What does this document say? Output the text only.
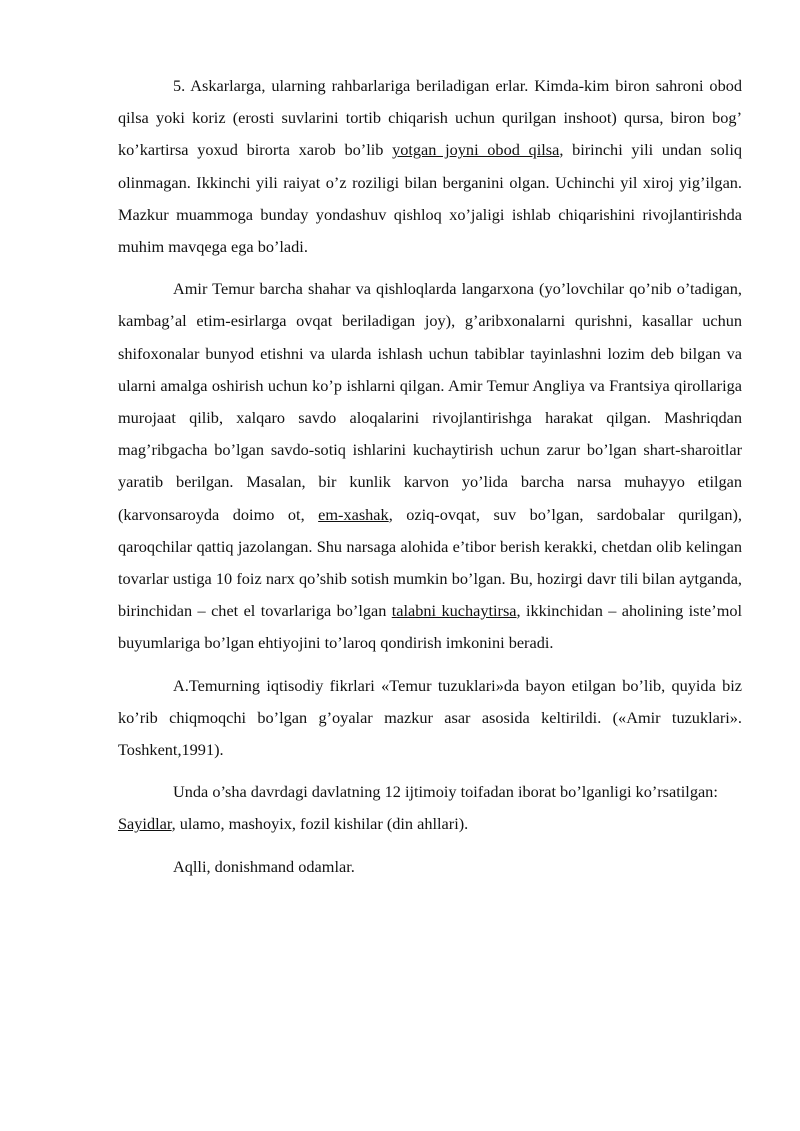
5. Askarlarga, ularning rahbarlariga beriladigan erlar. Kimda-kim biron sahroni obod qilsa yoki koriz (erosti suvlarini tortib chiqarish uchun qurilgan inshoot) qursa, biron bog’ ko’kartirsa yoxud birorta xarob bo’lib yotgan joyni obod qilsa, birinchi yili undan soliq olinmagan. Ikkinchi yili raiyat o’z roziligi bilan berganini olgan. Uchinchi yil xiroj yig’ilgan. Mazkur muammoga bunday yondashuv qishloq xo’jaligi ishlab chiqarishini rivojlantirishda muhim mavqega ega bo’ladi.

Amir Temur barcha shahar va qishloqlarda langarxona (yo’lovchilar qo’nib o’tadigan, kambag’al etim-esirlarga ovqat beriladigan joy), g’aribxonalarni qurishni, kasallar uchun shifoxonalar bunyod etishni va ularda ishlash uchun tabiblar tayinlashni lozim deb bilgan va ularni amalga oshirish uchun ko’p ishlarni qilgan. Amir Temur Angliya va Frantsiya qirollariga murojaat qilib, xalqaro savdo aloqalarini rivojlantirishga harakat qilgan. Mashriqdan mag’ribgacha bo’lgan savdo-sotiq ishlarini kuchaytirish uchun zarur bo’lgan shart-sharoitlar yaratib berilgan. Masalan, bir kunlik karvon yo’lida barcha narsa muhayyo etilgan (karvonsaroyda doimo ot, em-xashak, oziq-ovqat, suv bo’lgan, sardobalar qurilgan), qaroqchilar qattiq jazolangan. Shu narsaga alohida e’tibor berish kerakki, chetdan olib kelingan tovarlar ustiga 10 foiz narx qo’shib sotish mumkin bo’lgan. Bu, hozirgi davr tili bilan aytganda, birinchidan – chet el tovarlariga bo’lgan talabni kuchaytirsa, ikkinchidan – aholining iste’mol buyumlariga bo’lgan ehtiyojini to’laroq qondirish imkonini beradi.

A.Temurning iqtisodiy fikrlari «Temur tuzuklari»da bayon etilgan bo’lib, quyida biz ko’rib chiqmoqchi bo’lgan g’oyalar mazkur asar asosida keltirildi. («Amir tuzuklari». Toshkent,1991).

Unda o’sha davrdagi davlatning 12 ijtimoiy toifadan iborat bo’lganligi ko’rsatilgan:

Sayidlar, ulamo, mashoyix, fozil kishilar (din ahllari).

Aqlli, donishmand odamlar.
